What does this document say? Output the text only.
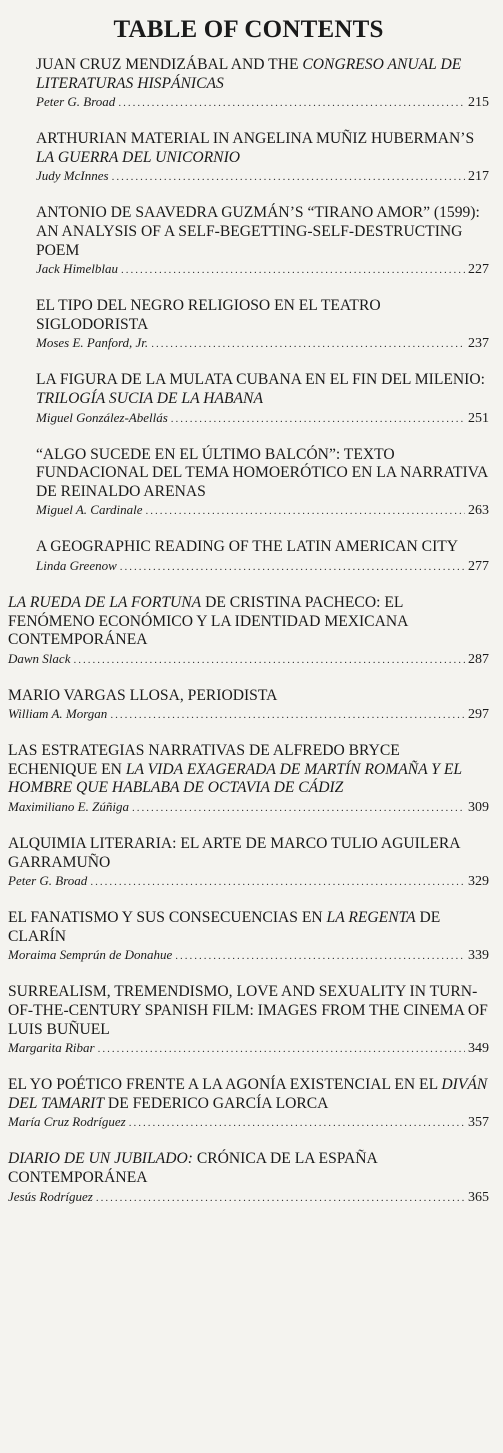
TABLE OF CONTENTS
JUAN CRUZ MENDIZÁBAL AND THE CONGRESO ANUAL DE LITERATURAS HISPÁNICAS
Peter G. Broad .....	215
ARTHURIAN MATERIAL IN ANGELINA MUÑIZ HUBERMAN’S LA GUERRA DEL UNICORNIO
Judy McInnes .....	217
ANTONIO DE SAAVEDRA GUZMÁN’S “TIRANO AMOR” (1599): AN ANALYSIS OF A SELF-BEGETTING-SELF-DESTRUCTING POEM
Jack Himelblau .....	227
EL TIPO DEL NEGRO RELIGIOSO EN EL TEATRO SIGLODORISTA
Moses E. Panford, Jr. .....	237
LA FIGURA DE LA MULATA CUBANA EN EL FIN DEL MILENIO: TRILOGÍA SUCIA DE LA HABANA
Miguel González-Abellás .....	251
“ALGO SUCEDE EN EL ÚLTIMO BALCÓN”: TEXTO FUNDACIONAL DEL TEMA HOMOERÓTICO EN LA NARRATIVA DE REINALDO ARENAS
Miguel A. Cardinale .....	263
A GEOGRAPHIC READING OF THE LATIN AMERICAN CITY
Linda Greenow .....	277
LA RUEDA DE LA FORTUNA DE CRISTINA PACHECO: EL FENÓMENO ECONÓMICO Y LA IDENTIDAD MEXICANA CONTEMPORÁNEA
Dawn Slack .....	287
MARIO VARGAS LLOSA, PERIODISTA
William A. Morgan .....	297
LAS ESTRATEGIAS NARRATIVAS DE ALFREDO BRYCE ECHENIQUE EN LA VIDA EXAGERADA DE MARTÍN ROMAÑA Y EL HOMBRE QUE HABLABA DE OCTAVIA DE CÁDIZ
Maximiliano E. Zúñiga .....	309
ALQUIMIA LITERARIA: EL ARTE DE MARCO TULIO AGUILERA GARRAMUÑO
Peter G. Broad .....	329
EL FANATISMO Y SUS CONSECUENCIAS EN LA REGENTA DE CLARÍN
Moraima Semprún de Donahue .....	339
SURREALISM, TREMENDISMO, LOVE AND SEXUALITY IN TURN-OF-THE-CENTURY SPANISH FILM: IMAGES FROM THE CINEMA OF LUIS BUÑUEL
Margarita Ribar .....	349
EL YO POÉTICO FRENTE A LA AGONÍA EXISTENCIAL EN EL DIVÁN DEL TAMARIT DE FEDERICO GARCÍA LORCA
María Cruz Rodríguez .....	357
DIARIO DE UN JUBILADO: CRÓNICA DE LA ESPAÑA CONTEMPORÁNEA
Jesús Rodríguez .....	365
